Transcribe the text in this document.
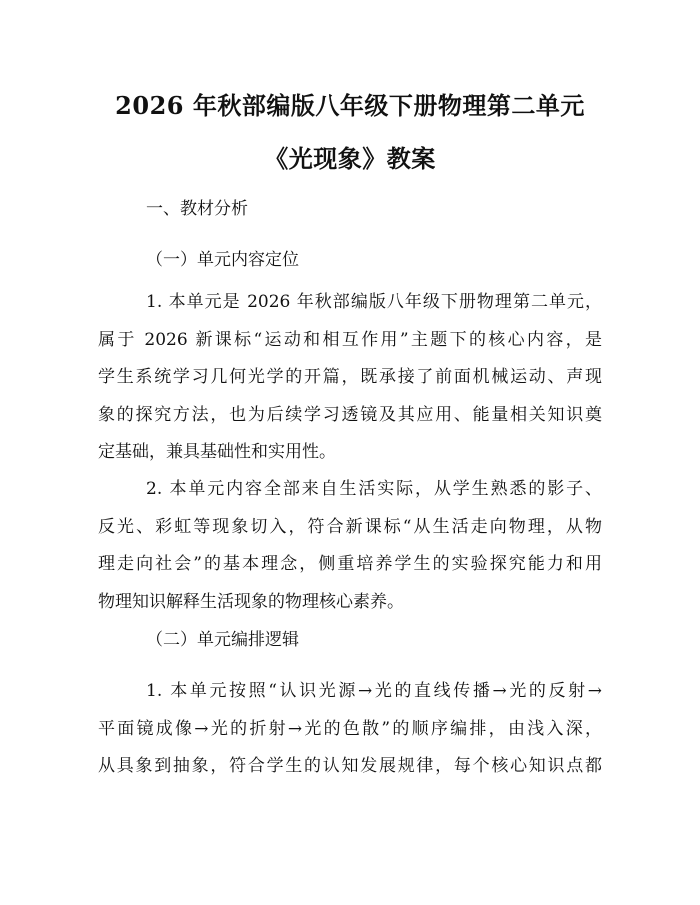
2026 年秋部编版八年级下册物理第二单元
《光现象》教案
一、教材分析
（一）单元内容定位
1. 本单元是 2026 年秋部编版八年级下册物理第二单元，
属于 2026 新课标“运动和相互作用”主题下的核心内容，是
学生系统学习几何光学的开篇，既承接了前面机械运动、声现
象的探究方法，也为后续学习透镜及其应用、能量相关知识奠
定基础，兼具基础性和实用性。
2. 本单元内容全部来自生活实际，从学生熟悉的影子、
反光、彩虹等现象切入，符合新课标“从生活走向物理，从物
理走向社会”的基本理念，侧重培养学生的实验探究能力和用
物理知识解释生活现象的物理核心素养。
（二）单元编排逻辑
1. 本单元按照“认识光源→光的直线传播→光的反射→
平面镜成像→光的折射→光的色散”的顺序编排，由浅入深，
从具象到抽象，符合学生的认知发展规律，每个核心知识点都
